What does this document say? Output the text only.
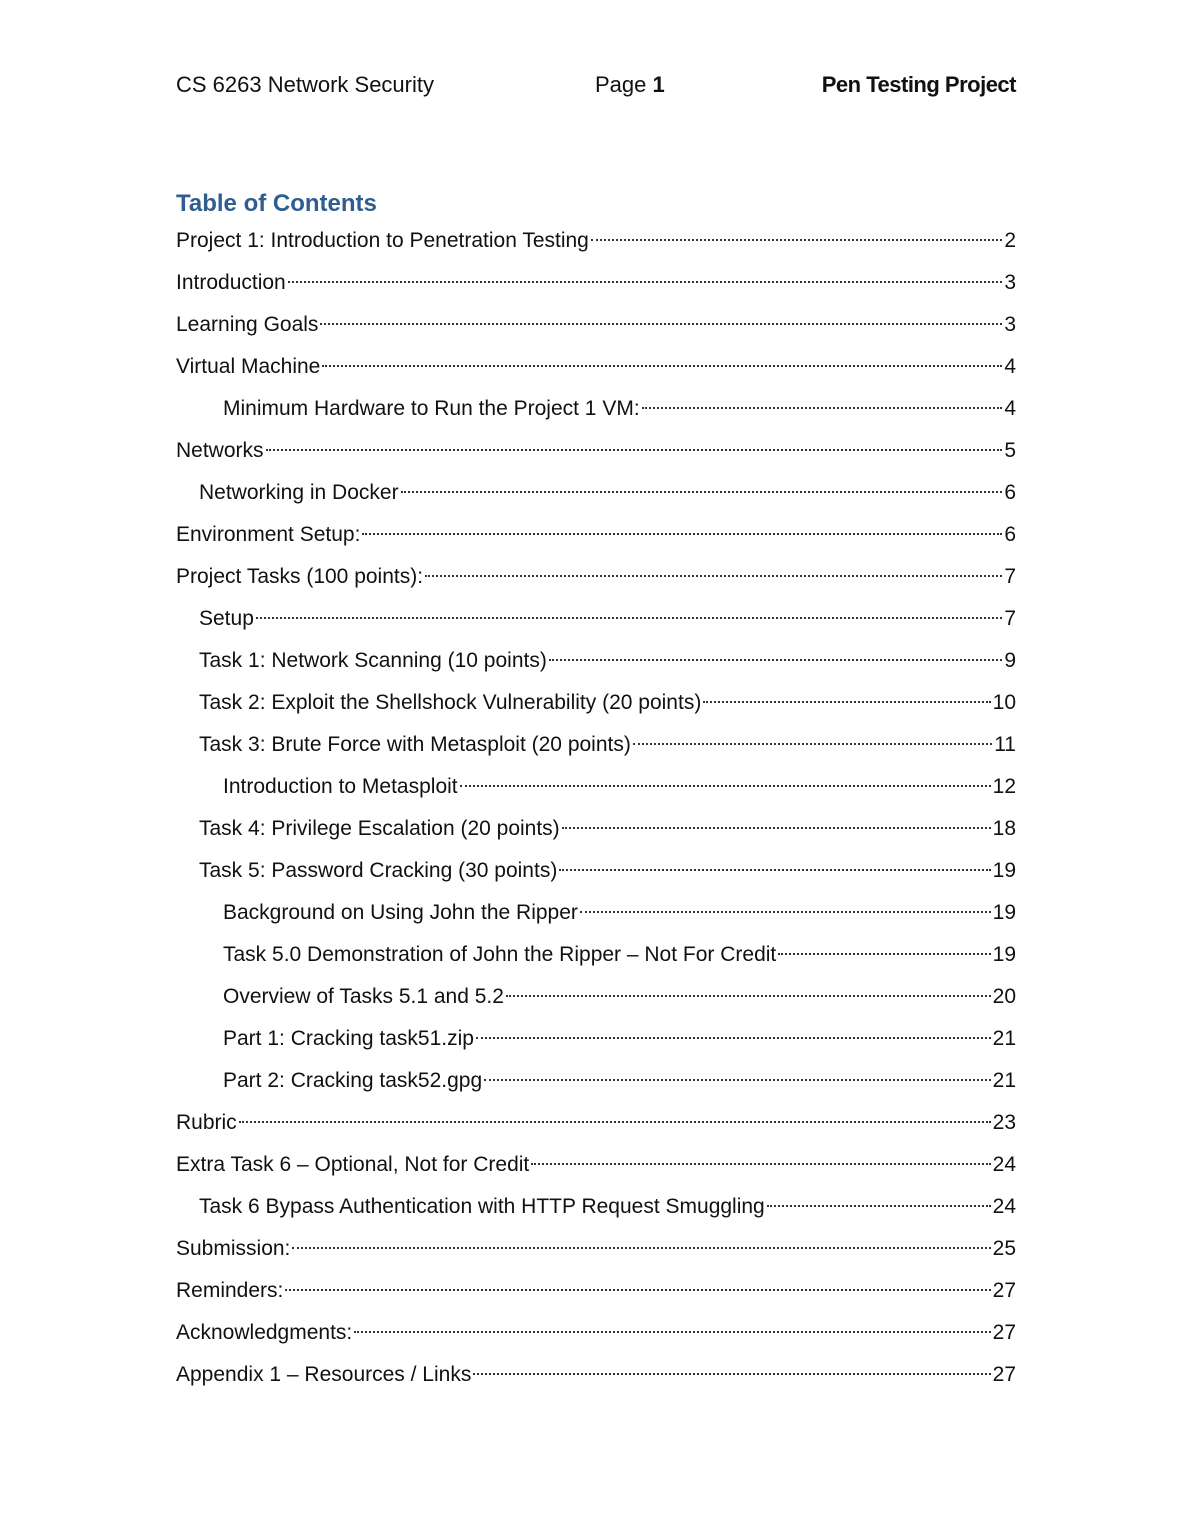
CS 6263 Network Security	Page 1	Pen Testing Project
Table of Contents
Project 1: Introduction to Penetration Testing	2
Introduction	3
Learning Goals	3
Virtual Machine	4
Minimum Hardware to Run the Project 1 VM:	4
Networks	5
Networking in Docker	6
Environment Setup:	6
Project Tasks (100 points):	7
Setup	7
Task 1: Network Scanning (10 points)	9
Task 2: Exploit the Shellshock Vulnerability (20 points)	10
Task 3: Brute Force with Metasploit (20 points)	11
Introduction to Metasploit	12
Task 4: Privilege Escalation (20 points)	18
Task 5: Password Cracking (30 points)	19
Background on Using John the Ripper	19
Task 5.0 Demonstration of John the Ripper – Not For Credit	19
Overview of Tasks 5.1 and 5.2	20
Part 1: Cracking task51.zip	21
Part 2: Cracking task52.gpg	21
Rubric	23
Extra Task 6 – Optional, Not for Credit	24
Task 6 Bypass Authentication with HTTP Request Smuggling	24
Submission:	25
Reminders:	27
Acknowledgments:	27
Appendix 1 – Resources / Links	27
